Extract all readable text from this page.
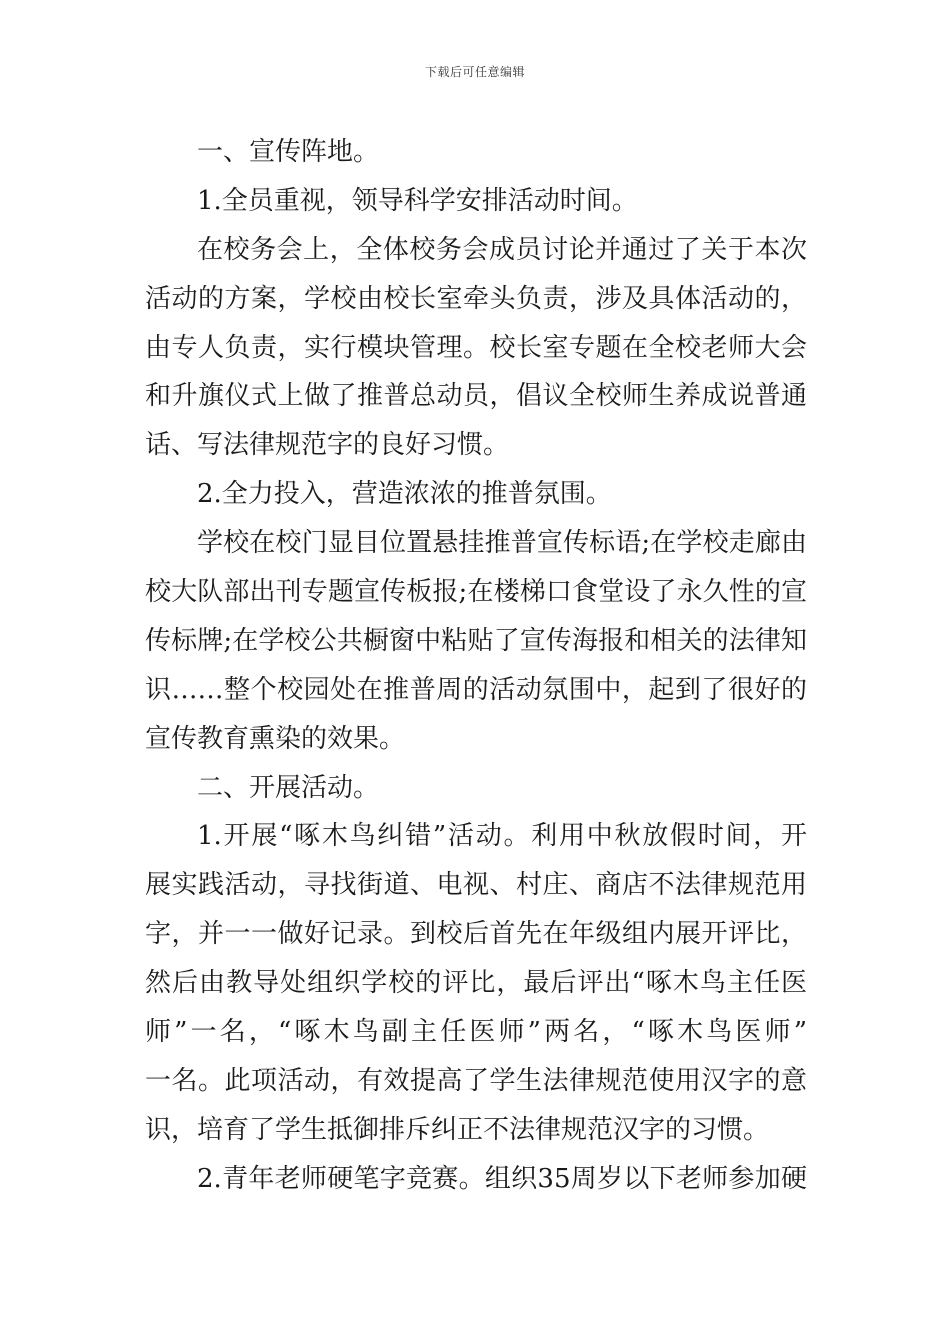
下载后可任意编辑
一、宣传阵地。
1.全员重视，领导科学安排活动时间。
在校务会上，全体校务会成员讨论并通过了关于本次
活动的方案，学校由校长室牵头负责，涉及具体活动的，
由专人负责，实行模块管理。校长室专题在全校老师大会
和升旗仪式上做了推普总动员，倡议全校师生养成说普通
话、写法律规范字的良好习惯。
2.全力投入，营造浓浓的推普氛围。
学校在校门显目位置悬挂推普宣传标语;在学校走廊由
校大队部出刊专题宣传板报;在楼梯口食堂设了永久性的宣
传标牌;在学校公共橱窗中粘贴了宣传海报和相关的法律知
识……整个校园处在推普周的活动氛围中，起到了很好的
宣传教育熏染的效果。
二、开展活动。
1.开展“啄木鸟纠错”活动。利用中秋放假时间，开
展实践活动，寻找街道、电视、村庄、商店不法律规范用
字，并一一做好记录。到校后首先在年级组内展开评比，
然后由教导处组织学校的评比，最后评出“啄木鸟主任医
师”一名，“啄木鸟副主任医师”两名，“啄木鸟医师”
一名。此项活动，有效提高了学生法律规范使用汉字的意
识，培育了学生抵御排斥纠正不法律规范汉字的习惯。
2.青年老师硬笔字竞赛。组织35周岁以下老师参加硬
